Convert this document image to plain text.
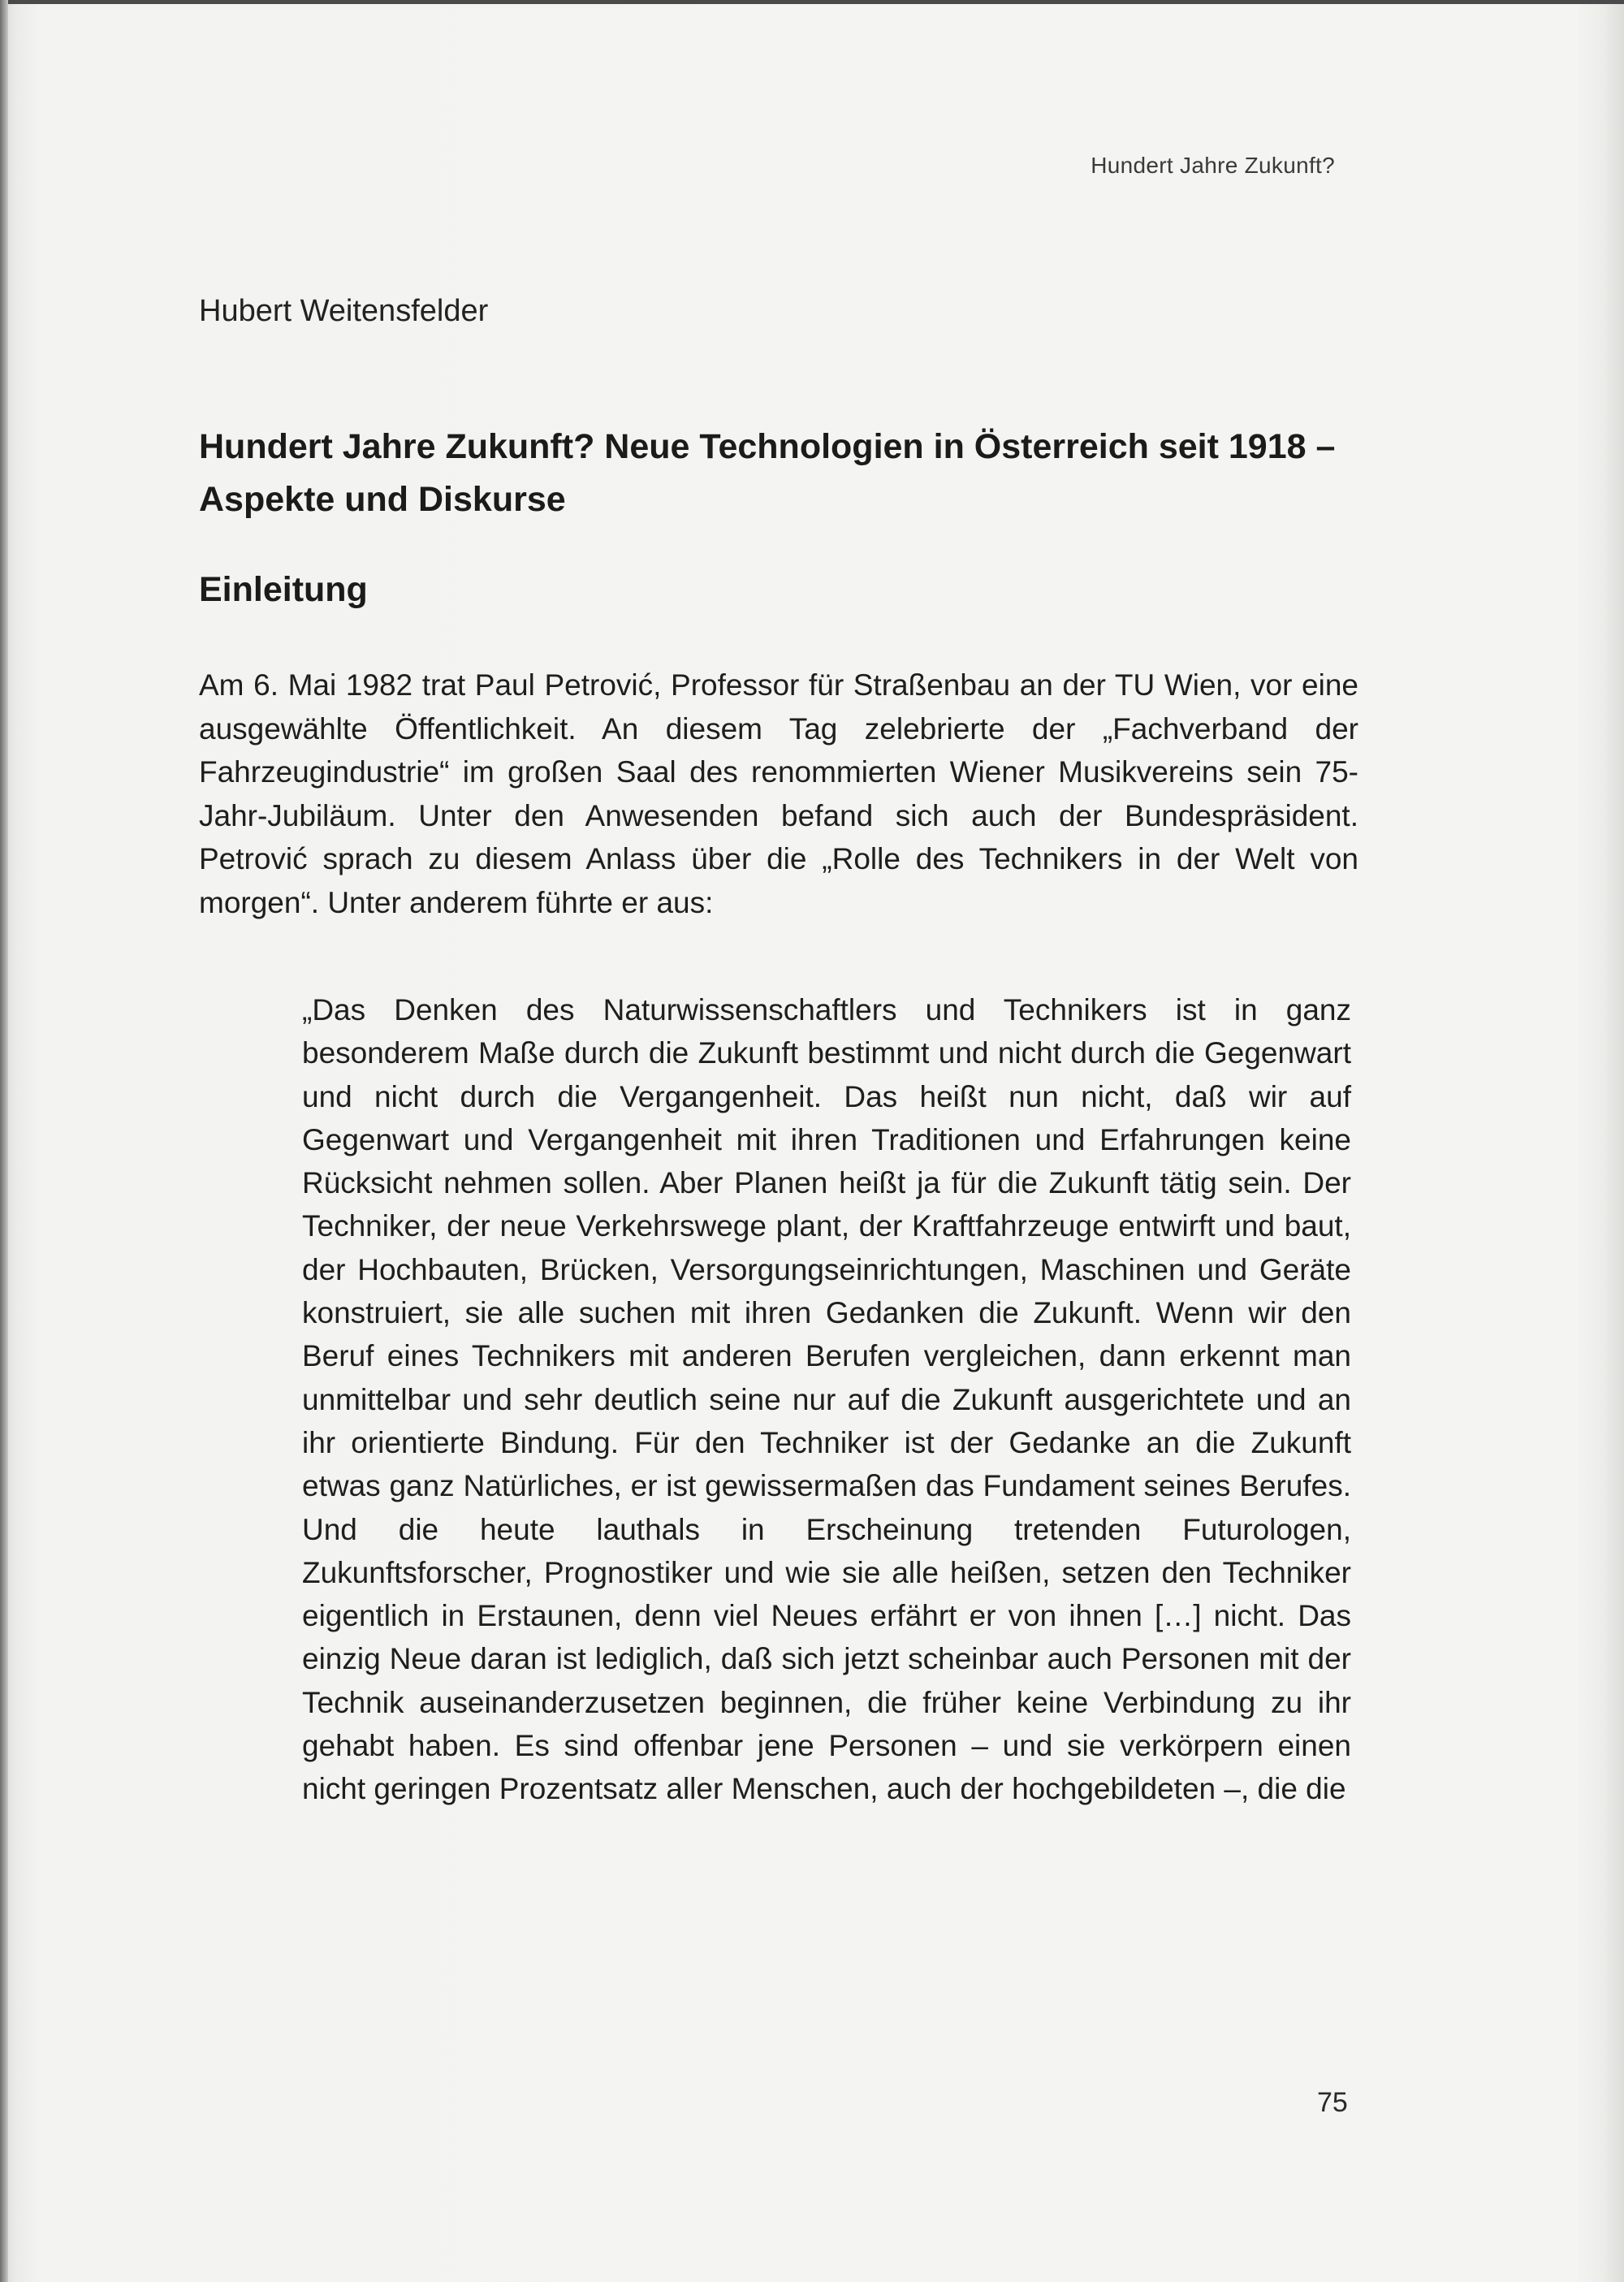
Hundert Jahre Zukunft?
Hubert Weitensfelder
Hundert Jahre Zukunft? Neue Technologien in Österreich seit 1918 – Aspekte und Diskurse
Einleitung
Am 6. Mai 1982 trat Paul Petrović, Professor für Straßenbau an der TU Wien, vor eine ausgewählte Öffentlichkeit. An diesem Tag zelebrierte der „Fachverband der Fahrzeugindustrie“ im großen Saal des renommierten Wiener Musikvereins sein 75-Jahr-Jubiläum. Unter den Anwesenden befand sich auch der Bundespräsident. Petrović sprach zu diesem Anlass über die „Rolle des Technikers in der Welt von morgen“. Unter anderem führte er aus:
„Das Denken des Naturwissenschaftlers und Technikers ist in ganz besonderem Maße durch die Zukunft bestimmt und nicht durch die Gegenwart und nicht durch die Vergangenheit. Das heißt nun nicht, daß wir auf Gegenwart und Vergangenheit mit ihren Traditionen und Erfahrungen keine Rücksicht nehmen sollen. Aber Planen heißt ja für die Zukunft tätig sein. Der Techniker, der neue Verkehrswege plant, der Kraftfahrzeuge entwirft und baut, der Hochbauten, Brücken, Versorgungseinrichtungen, Maschinen und Geräte konstruiert, sie alle suchen mit ihren Gedanken die Zukunft. Wenn wir den Beruf eines Technikers mit anderen Berufen vergleichen, dann erkennt man unmittelbar und sehr deutlich seine nur auf die Zukunft ausgerichtete und an ihr orientierte Bindung. Für den Techniker ist der Gedanke an die Zukunft etwas ganz Natürliches, er ist gewissermaßen das Fundament seines Berufes. Und die heute lauthals in Erscheinung tretenden Futurologen, Zukunftsforscher, Prognostiker und wie sie alle heißen, setzen den Techniker eigentlich in Erstaunen, denn viel Neues erfährt er von ihnen […] nicht. Das einzig Neue daran ist lediglich, daß sich jetzt scheinbar auch Personen mit der Technik auseinanderzusetzen beginnen, die früher keine Verbindung zu ihr gehabt haben. Es sind offenbar jene Personen – und sie verkörpern einen nicht geringen Prozentsatz aller Menschen, auch der hochgebildeten –, die die
75
